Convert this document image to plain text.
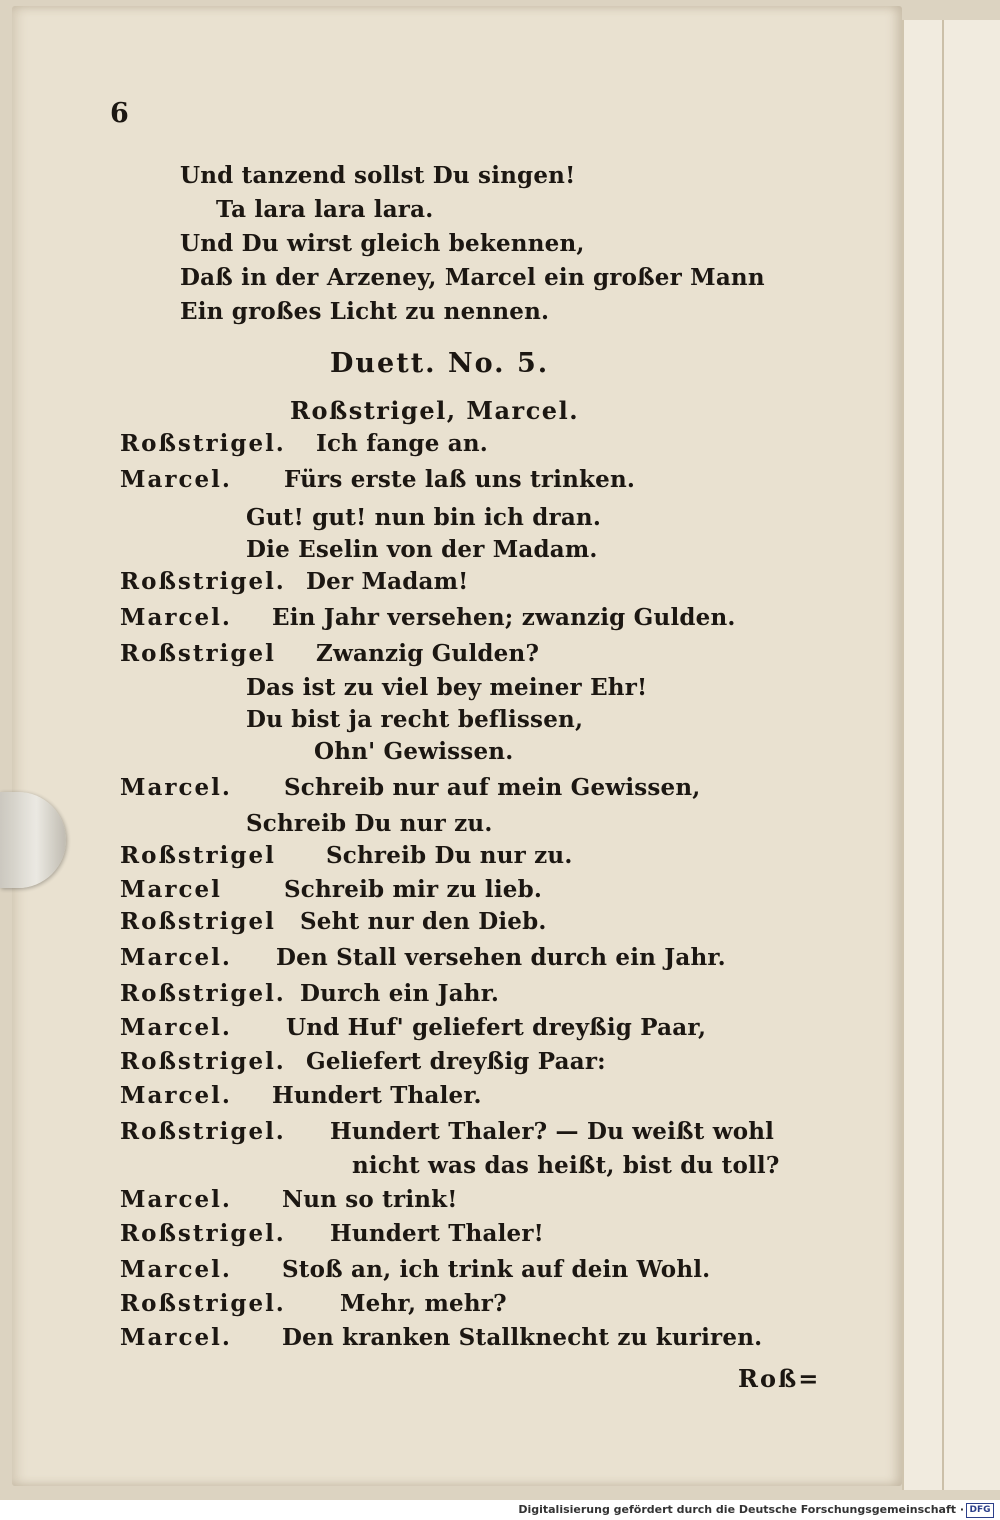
6
Und tanzend sollst Du singen!
Ta lara lara lara.
Und Du wirst gleich bekennen,
Daß in der Arzeney, Marcel ein großer Mann
Ein großes Licht zu nennen.
Duett. No. 5.
Roßstrigel, Marcel.
Roßstrigel. Ich fange an.
Marcel. Fürs erste laß uns trinken.
Gut! gut! nun bin ich dran.
Die Eselin von der Madam.
Roßstrigel. Der Madam!
Marcel. Ein Jahr versehen; zwanzig Gulden.
Roßstrigel Zwanzig Gulden?
Das ist zu viel bey meiner Ehr!
Du bist ja recht beflissen,
Ohn' Gewissen.
Marcel. Schreib nur auf mein Gewissen,
Schreib Du nur zu.
Roßstrigel Schreib Du nur zu.
Marcel	Schreib mir zu lieb.
Roßstrigel Seht nur den Dieb.
Marcel. Den Stall versehen durch ein Jahr.
Roßstrigel. Durch ein Jahr.
Marcel. Und Huf' geliefert dreyßig Paar,
Roßstrigel. Geliefert dreyßig Paar:
Marcel. Hundert Thaler.
Roßstrigel. Hundert Thaler? — Du weißt wohl
nicht was das heißt, bist du toll?
Marcel. Nun so trink!
Roßstrigel. Hundert Thaler!
Marcel. Stoß an, ich trink auf dein Wohl.
Roßstrigel. Mehr, mehr?
Marcel. Den kranken Stallknecht zu kuriren.
Roß=
Digitalisierung gefördert durch die Deutsche Forschungsgemeinschaft · DFG
